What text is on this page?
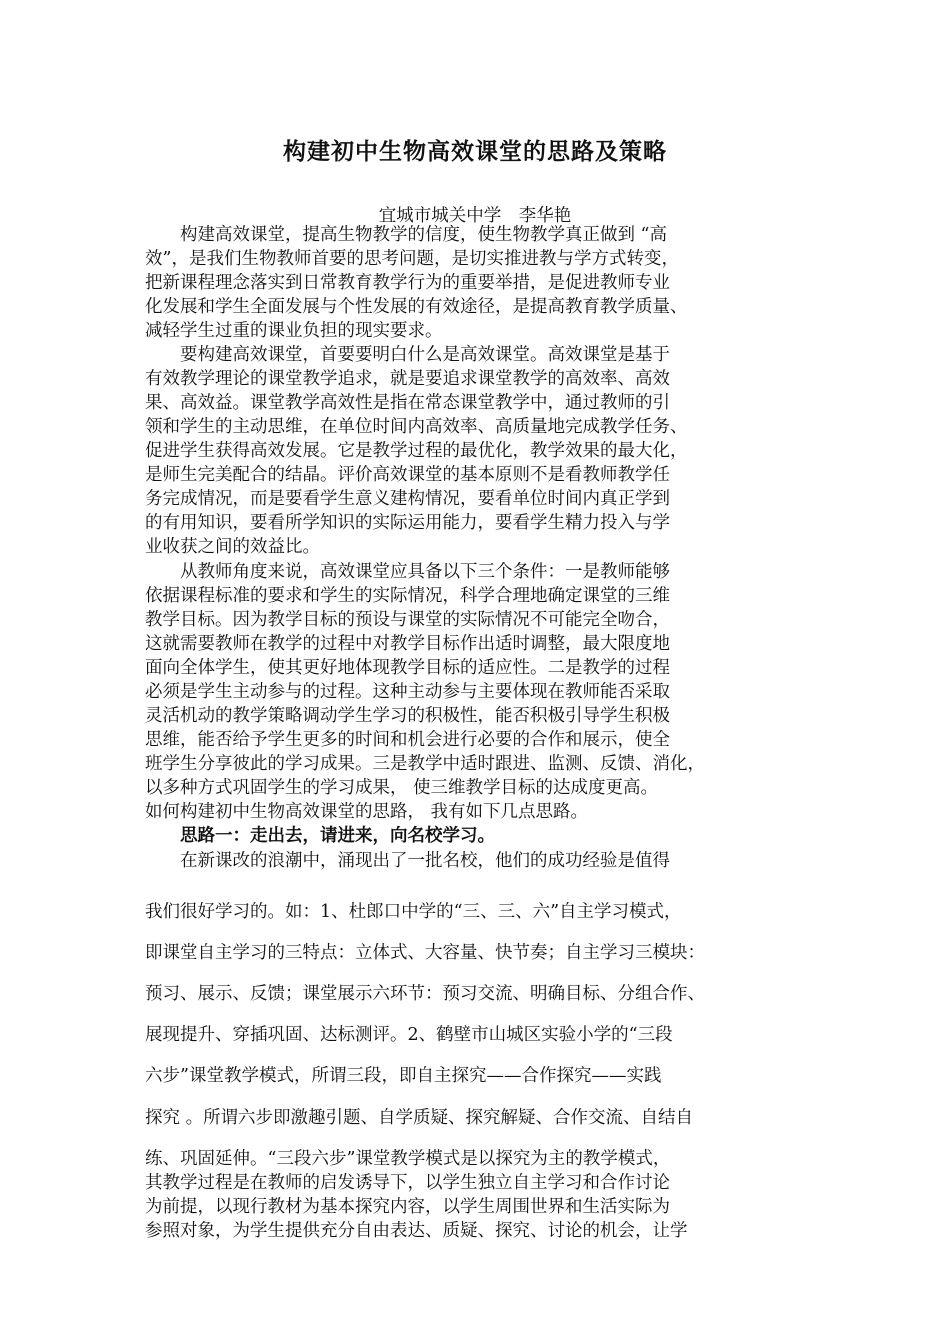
构建初中生物高效课堂的思路及策略
宜城市城关中学　李华艳
　　构建高效课堂，提高生物教学的信度，使生物教学真正做到 “高
效”，是我们生物教师首要的思考问题，是切实推进教与学方式转变，
把新课程理念落实到日常教育教学行为的重要举措，是促进教师专业
化发展和学生全面发展与个性发展的有效途径，是提高教育教学质量、
减轻学生过重的课业负担的现实要求。
　　要构建高效课堂，首要要明白什么是高效课堂。高效课堂是基于
有效教学理论的课堂教学追求，就是要追求课堂教学的高效率、高效
果、高效益。课堂教学高效性是指在常态课堂教学中，通过教师的引
领和学生的主动思维，在单位时间内高效率、高质量地完成教学任务、
促进学生获得高效发展。它是教学过程的最优化，教学效果的最大化，
是师生完美配合的结晶。评价高效课堂的基本原则不是看教师教学任
务完成情况，而是要看学生意义建构情况，要看单位时间内真正学到
的有用知识，要看所学知识的实际运用能力，要看学生精力投入与学
业收获之间的效益比。
　　从教师角度来说，高效课堂应具备以下三个条件：一是教师能够
依据课程标准的要求和学生的实际情况，科学合理地确定课堂的三维
教学目标。因为教学目标的预设与课堂的实际情况不可能完全吻合，
这就需要教师在教学的过程中对教学目标作出适时调整，最大限度地
面向全体学生，使其更好地体现教学目标的适应性。二是教学的过程
必须是学生主动参与的过程。这种主动参与主要体现在教师能否采取
灵活机动的教学策略调动学生学习的积极性，能否积极引导学生积极
思维，能否给予学生更多的时间和机会进行必要的合作和展示，使全
班学生分享彼此的学习成果。三是教学中适时跟进、监测、反馈、消化，
以多种方式巩固学生的学习成果， 使三维教学目标的达成度更高。
如何构建初中生物高效课堂的思路， 我有如下几点思路。
　　思路一：走出去，请进来，向名校学习。
　　在新课改的浪潮中，涌现出了一批名校，他们的成功经验是值得
我们很好学习的。如：1、杜郎口中学的“三、三、六”自主学习模式，
即课堂自主学习的三特点：立体式、大容量、快节奏；自主学习三模块：
预习、展示、反馈；课堂展示六环节：预习交流、明确目标、分组合作、
展现提升、穿插巩固、达标测评。2、鹤壁市山城区实验小学的“三段
六步”课堂教学模式，所谓三段，即自主探究——合作探究——实践
探究 。所谓六步即激趣引题、自学质疑、探究解疑、合作交流、自结自
练、巩固延伸。“三段六步”课堂教学模式是以探究为主的教学模式，
其教学过程是在教师的启发诱导下，以学生独立自主学习和合作讨论
为前提，以现行教材为基本探究内容，以学生周围世界和生活实际为
参照对象，为学生提供充分自由表达、质疑、探究、讨论的机会，让学
